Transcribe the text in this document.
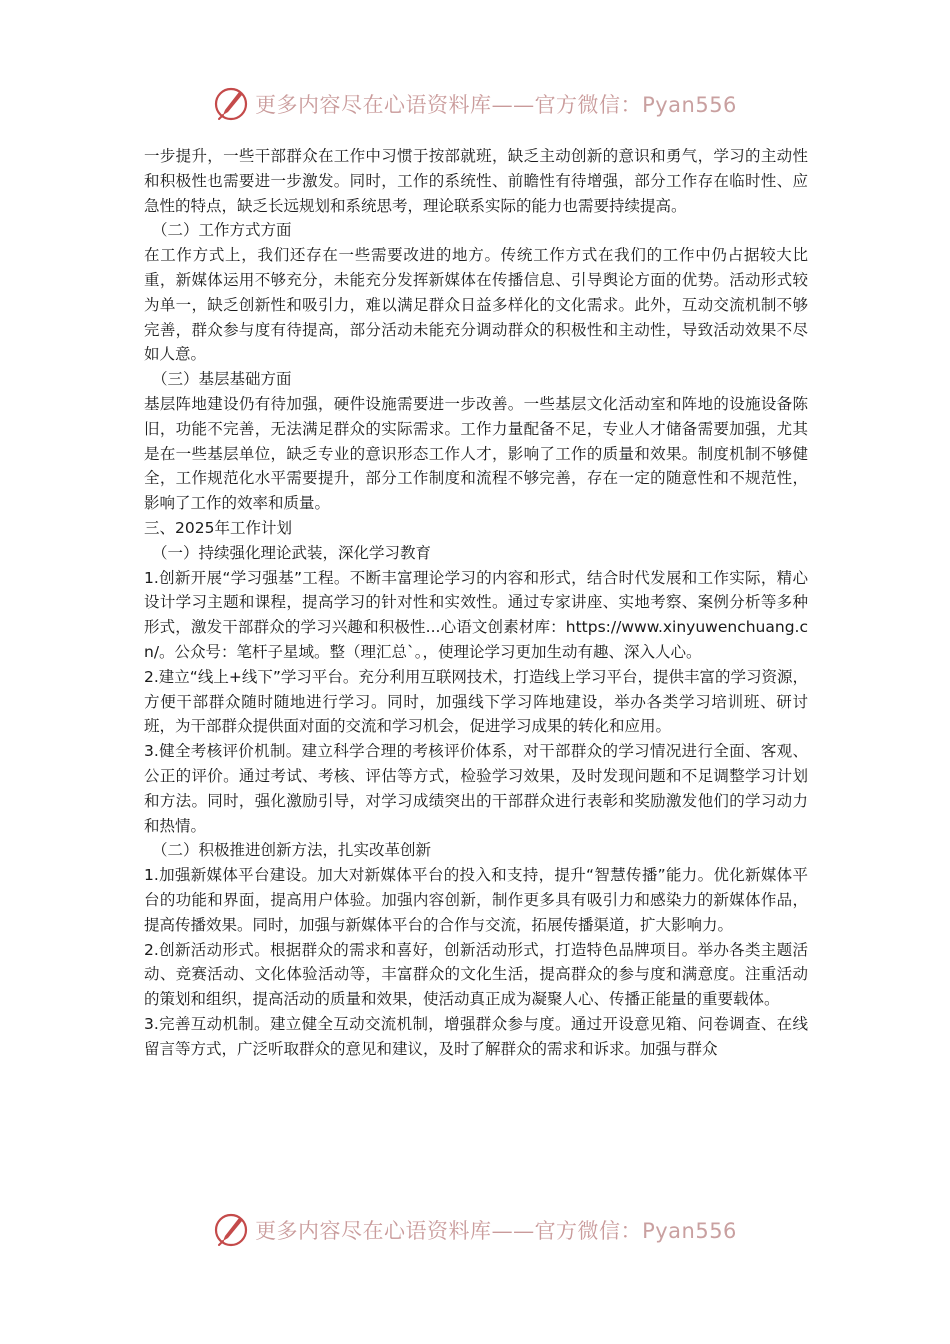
更多内容尽在心语资料库——官方微信：Pyan556

一步提升，一些干部群众在工作中习惯于按部就班，缺乏主动创新的意识和勇气，学习的主动性和积极性也需要进一步激发。同时，工作的系统性、前瞻性有待增强，部分工作存在临时性、应急性的特点，缺乏长远规划和系统思考，理论联系实际的能力也需要持续提高。

（二）工作方式方面

在工作方式上，我们还存在一些需要改进的地方。传统工作方式在我们的工作中仍占据较大比重，新媒体运用不够充分，未能充分发挥新媒体在传播信息、引导舆论方面的优势。活动形式较为单一，缺乏创新性和吸引力，难以满足群众日益多样化的文化需求。此外，互动交流机制不够完善，群众参与度有待提高，部分活动未能充分调动群众的积极性和主动性，导致活动效果不尽如人意。

（三）基层基础方面

基层阵地建设仍有待加强，硬件设施需要进一步改善。一些基层文化活动室和阵地的设施设备陈旧，功能不完善，无法满足群众的实际需求。工作力量配备不足，专业人才储备需要加强，尤其是在一些基层单位，缺乏专业的意识形态工作人才，影响了工作的质量和效果。制度机制不够健全，工作规范化水平需要提升，部分工作制度和流程不够完善，存在一定的随意性和不规范性，影响了工作的效率和质量。

三、2025年工作计划

（一）持续强化理论武装，深化学习教育

1.创新开展“学习强基”工程。不断丰富理论学习的内容和形式，结合时代发展和工作实际，精心设计学习主题和课程，提高学习的针对性和实效性。通过专家讲座、实地考察、案例分析等多种形式，激发干部群众的学习兴趣和积极性...心语文创素材库：https://www.xinyuwenchuang.cn/。公众号：笔杆子星域。整（理汇总`。，使理论学习更加生动有趣、深入人心。

2.建立“线上+线下”学习平台。充分利用互联网技术，打造线上学习平台，提供丰富的学习资源，方便干部群众随时随地进行学习。同时，加强线下学习阵地建设，举办各类学习培训班、研讨班，为干部群众提供面对面的交流和学习机会，促进学习成果的转化和应用。

3.健全考核评价机制。建立科学合理的考核评价体系，对干部群众的学习情况进行全面、客观、公正的评价。通过考试、考核、评估等方式，检验学习效果，及时发现问题和不足调整学习计划和方法。同时，强化激励引导，对学习成绩突出的干部群众进行表彰和奖励激发他们的学习动力和热情。

（二）积极推进创新方法，扎实改革创新

1.加强新媒体平台建设。加大对新媒体平台的投入和支持，提升“智慧传播”能力。优化新媒体平台的功能和界面，提高用户体验。加强内容创新，制作更多具有吸引力和感染力的新媒体作品，提高传播效果。同时，加强与新媒体平台的合作与交流，拓展传播渠道，扩大影响力。

2.创新活动形式。根据群众的需求和喜好，创新活动形式，打造特色品牌项目。举办各类主题活动、竞赛活动、文化体验活动等，丰富群众的文化生活，提高群众的参与度和满意度。注重活动的策划和组织，提高活动的质量和效果，使活动真正成为凝聚人心、传播正能量的重要载体。

3.完善互动机制。建立健全互动交流机制，增强群众参与度。通过开设意见箱、问卷调查、在线留言等方式，广泛听取群众的意见和建议，及时了解群众的需求和诉求。加强与群众

更多内容尽在心语资料库——官方微信：Pyan556
